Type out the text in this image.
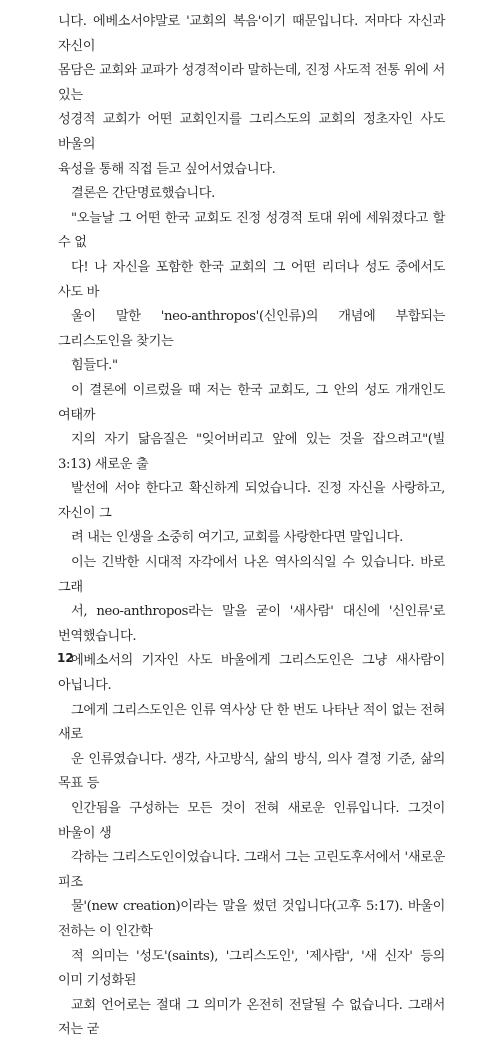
니다. 에베소서야말로 '교회의 복음'이기 때문입니다. 저마다 자신과 자신이
몸담은 교회와 교파가 성경적이라 말하는데, 진정 사도적 전통 위에 서 있는
성경적 교회가 어떤 교회인지를 그리스도의 교회의 정초자인 사도 바울의
육성을 통해 직접 듣고 싶어서였습니다.

결론은 간단명료했습니다.

"오늘날 그 어떤 한국 교회도 진정 성경적 토대 위에 세워졌다고 할 수 없
다! 나 자신을 포함한 한국 교회의 그 어떤 리더나 성도 중에서도 사도 바
울이 말한 'neo-anthropos'(신인류)의 개념에 부합되는 그리스도인을 찾기는
힘들다."

이 결론에 이르렀을 때 저는 한국 교회도, 그 안의 성도 개개인도 여태까
지의 자기 닮음질은 "잊어버리고 앞에 있는 것을 잡으려고"(빌 3:13) 새로운 출
발선에 서야 한다고 확신하게 되었습니다. 진정 자신을 사랑하고, 자신이 그
려 내는 인생을 소중히 여기고, 교회를 사랑한다면 말입니다.

이는 긴박한 시대적 자각에서 나온 역사의식일 수 있습니다. 바로 그래
서, neo-anthropos라는 말을 굳이 '새사람' 대신에 '신인류'로 번역했습니다.
에베소서의 기자인 사도 바울에게 그리스도인은 그냥 새사람이 아닙니다.
그에게 그리스도인은 인류 역사상 단 한 번도 나타난 적이 없는 전혀 새로
운 인류였습니다. 생각, 사고방식, 삶의 방식, 의사 결정 기준, 삶의 목표 등
인간됨을 구성하는 모든 것이 전혀 새로운 인류입니다. 그것이 바울이 생
각하는 그리스도인이었습니다. 그래서 그는 고린도후서에서 '새로운 피조
물'(new creation)이라는 말을 썼던 것입니다(고후 5:17). 바울이 전하는 이 인간학
적 의미는 '성도'(saints), '그리스도인', '제사람', '새 신자' 등의 이미 기성화된
교회 언어로는 절대 그 의미가 온전히 전달될 수 없습니다. 그래서 저는 굳

12
